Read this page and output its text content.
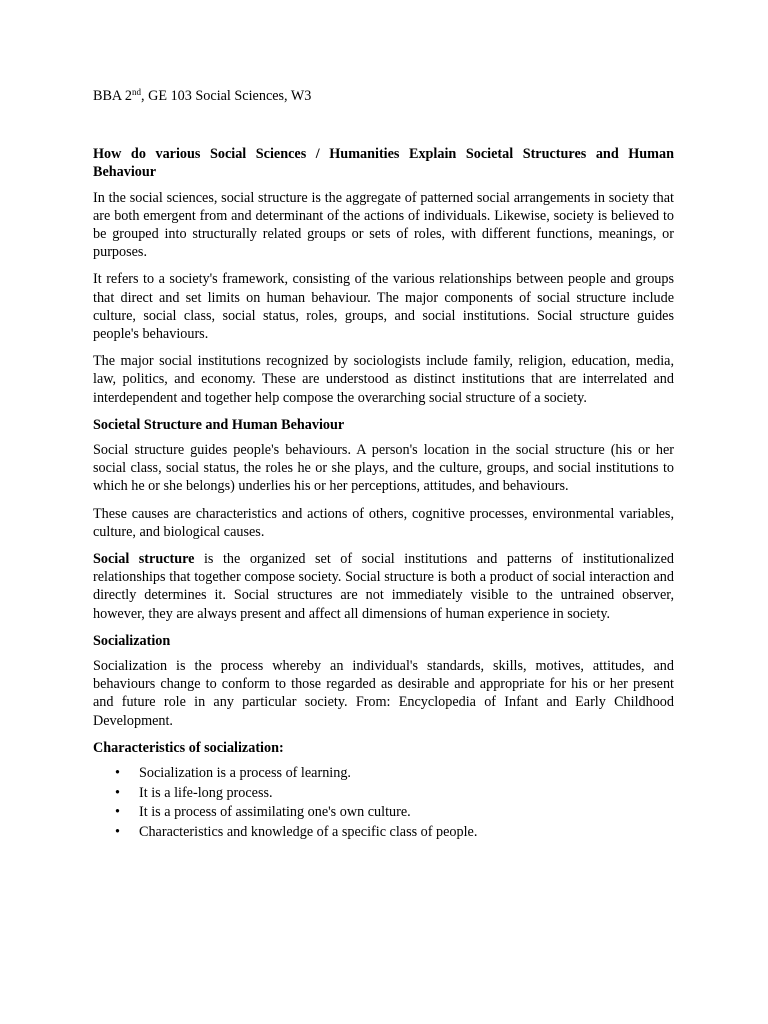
BBA 2nd, GE 103 Social Sciences, W3
How do various Social Sciences / Humanities Explain Societal Structures and Human Behaviour

In the social sciences, social structure is the aggregate of patterned social arrangements in society that are both emergent from and determinant of the actions of individuals. Likewise, society is believed to be grouped into structurally related groups or sets of roles, with different functions, meanings, or purposes.

It refers to a society's framework, consisting of the various relationships between people and groups that direct and set limits on human behaviour. The major components of social structure include culture, social class, social status, roles, groups, and social institutions. Social structure guides people's behaviours.

The major social institutions recognized by sociologists include family, religion, education, media, law, politics, and economy. These are understood as distinct institutions that are interrelated and interdependent and together help compose the overarching social structure of a society.

Societal Structure and Human Behaviour

Social structure guides people's behaviours. A person's location in the social structure (his or her social class, social status, the roles he or she plays, and the culture, groups, and social institutions to which he or she belongs) underlies his or her perceptions, attitudes, and behaviours.

These causes are characteristics and actions of others, cognitive processes, environmental variables, culture, and biological causes.

Social structure is the organized set of social institutions and patterns of institutionalized relationships that together compose society. Social structure is both a product of social interaction and directly determines it. Social structures are not immediately visible to the untrained observer, however, they are always present and affect all dimensions of human experience in society.

Socialization

Socialization is the process whereby an individual's standards, skills, motives, attitudes, and behaviours change to conform to those regarded as desirable and appropriate for his or her present and future role in any particular society. From: Encyclopedia of Infant and Early Childhood Development.

Characteristics of socialization:
• Socialization is a process of learning.
• It is a life-long process.
• It is a process of assimilating one's own culture.
• Characteristics and knowledge of a specific class of people.
